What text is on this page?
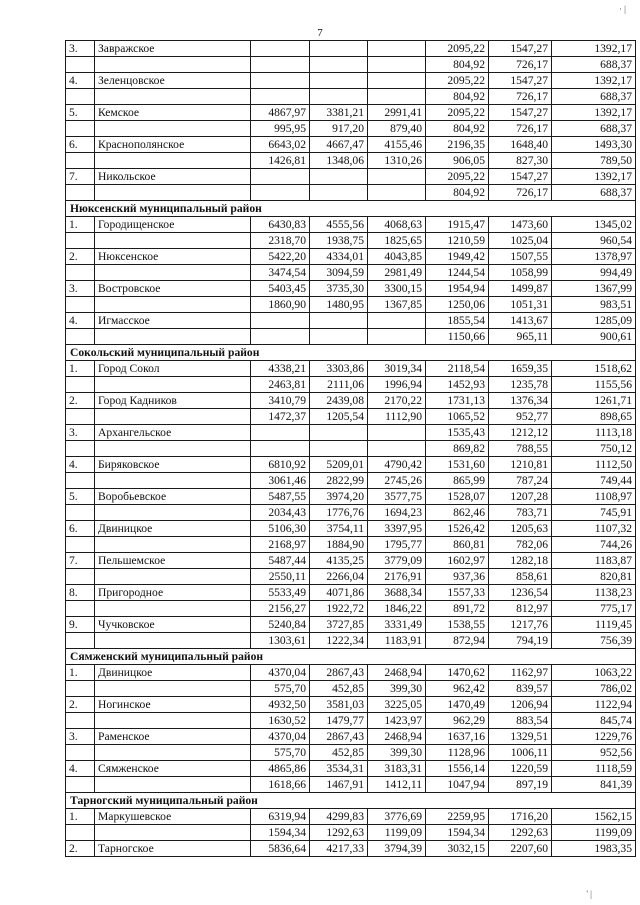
7
3.	Завражское				2095,22	1547,27	1392,17
					804,92	726,17	688,37
4.	Зеленцовское				2095,22	1547,27	1392,17
					804,92	726,17	688,37
5.	Кемское	4867,97	3381,21	2991,41	2095,22	1547,27	1392,17
		995,95	917,20	879,40	804,92	726,17	688,37
6.	Краснополянское	6643,02	4667,47	4155,46	2196,35	1648,40	1493,30
		1426,81	1348,06	1310,26	906,05	827,30	789,50
7.	Никольское				2095,22	1547,27	1392,17
					804,92	726,17	688,37
Нюксенский муниципальный район							
1.	Городищенское	6430,83	4555,56	4068,63	1915,47	1473,60	1345,02
		2318,70	1938,75	1825,65	1210,59	1025,04	960,54
2.	Нюксенское	5422,20	4334,01	4043,85	1949,42	1507,55	1378,97
		3474,54	3094,59	2981,49	1244,54	1058,99	994,49
3.	Востровское	5403,45	3735,30	3300,15	1954,94	1499,87	1367,99
		1860,90	1480,95	1367,85	1250,06	1051,31	983,51
4.	Игмасское				1855,54	1413,67	1285,09
					1150,66	965,11	900,61
Сокольский муниципальный район							
1.	Город Сокол	4338,21	3303,86	3019,34	2118,54	1659,35	1518,62
		2463,81	2111,06	1996,94	1452,93	1235,78	1155,56
2.	Город Кадников	3410,79	2439,08	2170,22	1731,13	1376,34	1261,71
		1472,37	1205,54	1112,90	1065,52	952,77	898,65
3.	Архангельское				1535,43	1212,12	1113,18
					869,82	788,55	750,12
4.	Биряковское	6810,92	5209,01	4790,42	1531,60	1210,81	1112,50
		3061,46	2822,99	2745,26	865,99	787,24	749,44
5.	Воробьевское	5487,55	3974,20	3577,75	1528,07	1207,28	1108,97
		2034,43	1776,76	1694,23	862,46	783,71	745,91
6.	Двиницкое	5106,30	3754,11	3397,95	1526,42	1205,63	1107,32
		2168,97	1884,90	1795,77	860,81	782,06	744,26
7.	Пельшемское	5487,44	4135,25	3779,09	1602,97	1282,18	1183,87
		2550,11	2266,04	2176,91	937,36	858,61	820,81
8.	Пригородное	5533,49	4071,86	3688,34	1557,33	1236,54	1138,23
		2156,27	1922,72	1846,22	891,72	812,97	775,17
9.	Чучковское	5240,84	3727,85	3331,49	1538,55	1217,76	1119,45
		1303,61	1222,34	1183,91	872,94	794,19	756,39
Сямженский муниципальный район							
1.	Двиницкое	4370,04	2867,43	2468,94	1470,62	1162,97	1063,22
		575,70	452,85	399,30	962,42	839,57	786,02
2.	Ногинское	4932,50	3581,03	3225,05	1470,49	1206,94	1122,94
		1630,52	1479,77	1423,97	962,29	883,54	845,74
3.	Раменское	4370,04	2867,43	2468,94	1637,16	1329,51	1229,76
		575,70	452,85	399,30	1128,96	1006,11	952,56
4.	Сямженское	4865,86	3534,31	3183,31	1556,14	1220,59	1118,59
		1618,66	1467,91	1412,11	1047,94	897,19	841,39
Тарногский муниципальный район							
1.	Маркушевское	6319,94	4299,83	3776,69	2259,95	1716,20	1562,15
		1594,34	1292,63	1199,09	1594,34	1292,63	1199,09
2.	Тарногское	5836,64	4217,33	3794,39	3032,15	2207,60	1983,35
· |
' |
